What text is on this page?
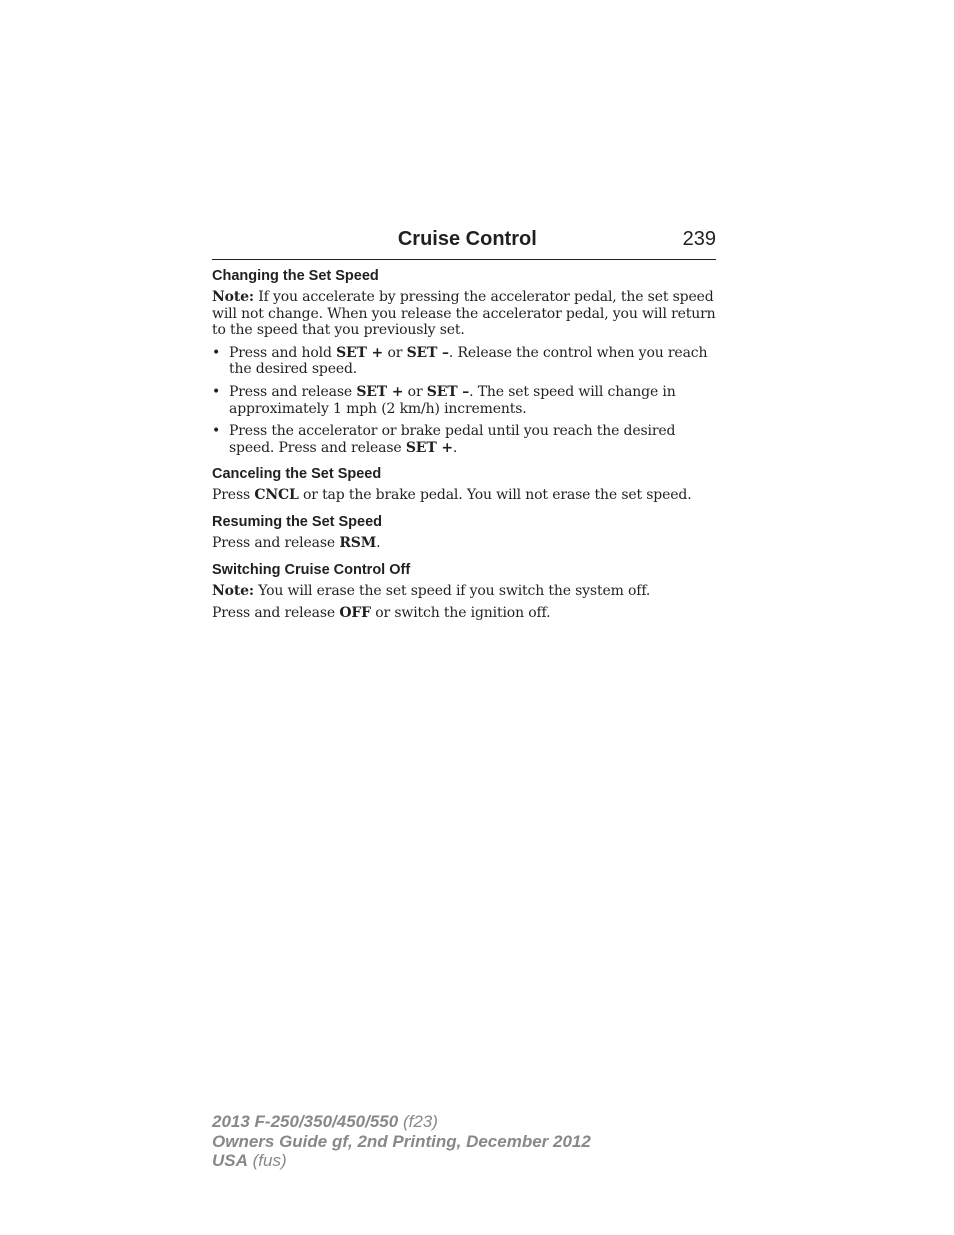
Cruise Control	239
Changing the Set Speed

Note: If you accelerate by pressing the accelerator pedal, the set speed will not change. When you release the accelerator pedal, you will return to the speed that you previously set.

• Press and hold SET + or SET –. Release the control when you reach the desired speed.
• Press and release SET + or SET –. The set speed will change in approximately 1 mph (2 km/h) increments.
• Press the accelerator or brake pedal until you reach the desired speed. Press and release SET +.
Canceling the Set Speed

Press CNCL or tap the brake pedal. You will not erase the set speed.

Resuming the Set Speed

Press and release RSM.

Switching Cruise Control Off

Note: You will erase the set speed if you switch the system off.

Press and release OFF or switch the ignition off.

2013 F-250/350/450/550 (f23)
Owners Guide gf, 2nd Printing, December 2012
USA (fus)
